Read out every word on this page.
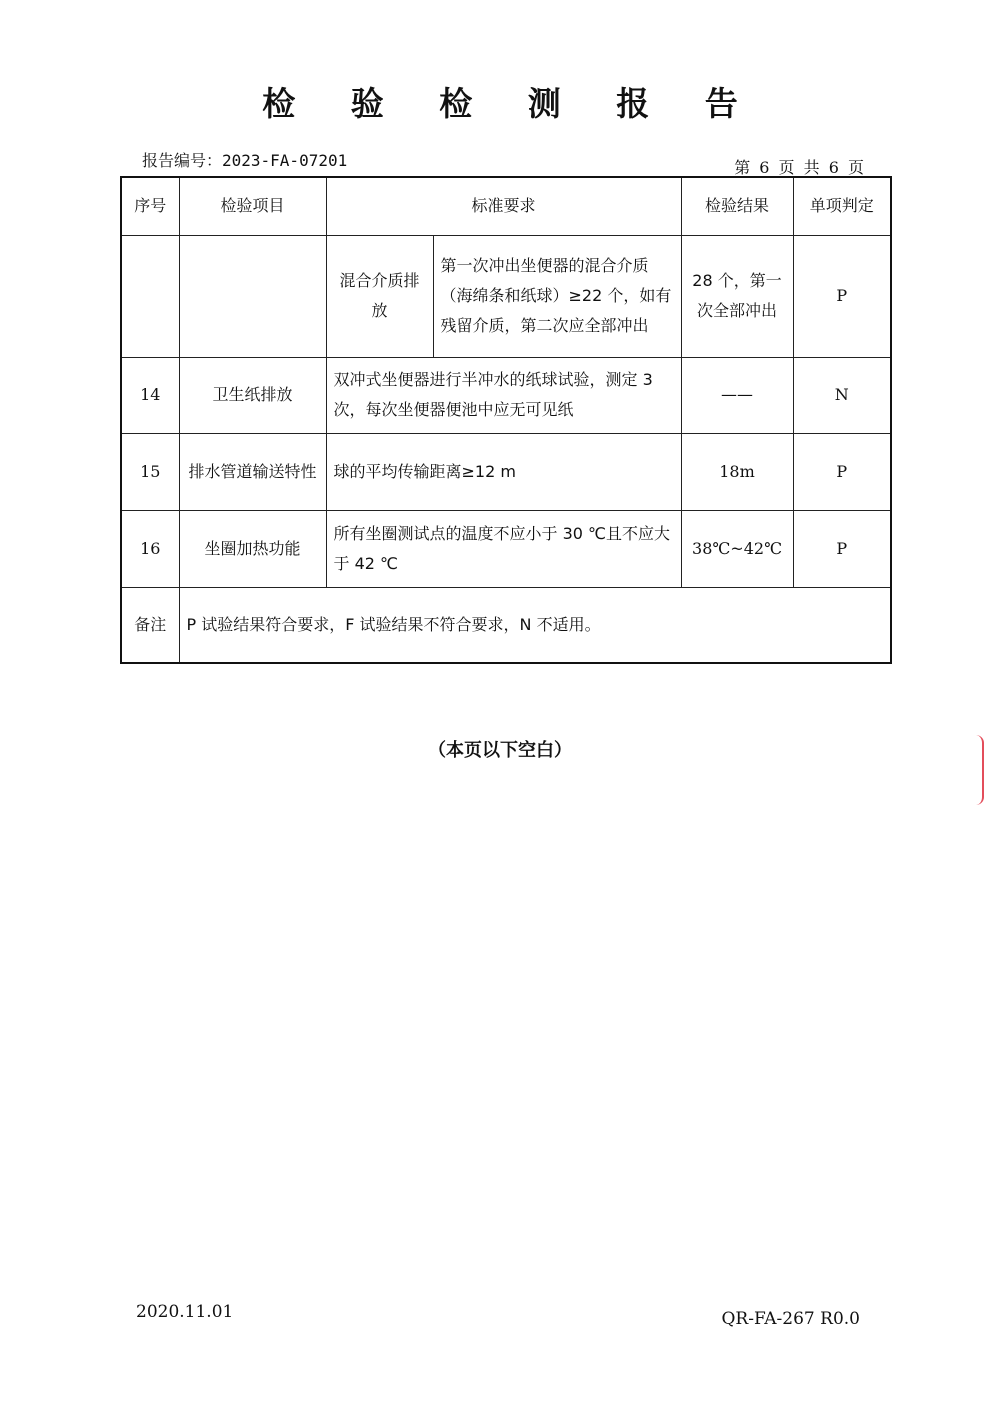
检 验 检 测 报 告
报告编号：2023-FA-07201	第 6 页 共 6 页
序号	检验项目	标准要求		检验结果	单项判定
		混合介质排放	第一次冲出坐便器的混合介质（海绵条和纸球）≥22 个，如有残留介质，第二次应全部冲出	28 个，第一次全部冲出	P
14	卫生纸排放	双冲式坐便器进行半冲水的纸球试验，测定 3 次，每次坐便器便池中应无可见纸		——	N
15	排水管道输送特性	球的平均传输距离≥12 m		18m	P
16	坐圈加热功能	所有坐圈测试点的温度不应小于 30 ℃且不应大于 42 ℃		38℃~42℃	P
备注	P 试验结果符合要求，F 试验结果不符合要求，N 不适用。				
（本页以下空白）
2020.11.01	QR-FA-267 R0.0
